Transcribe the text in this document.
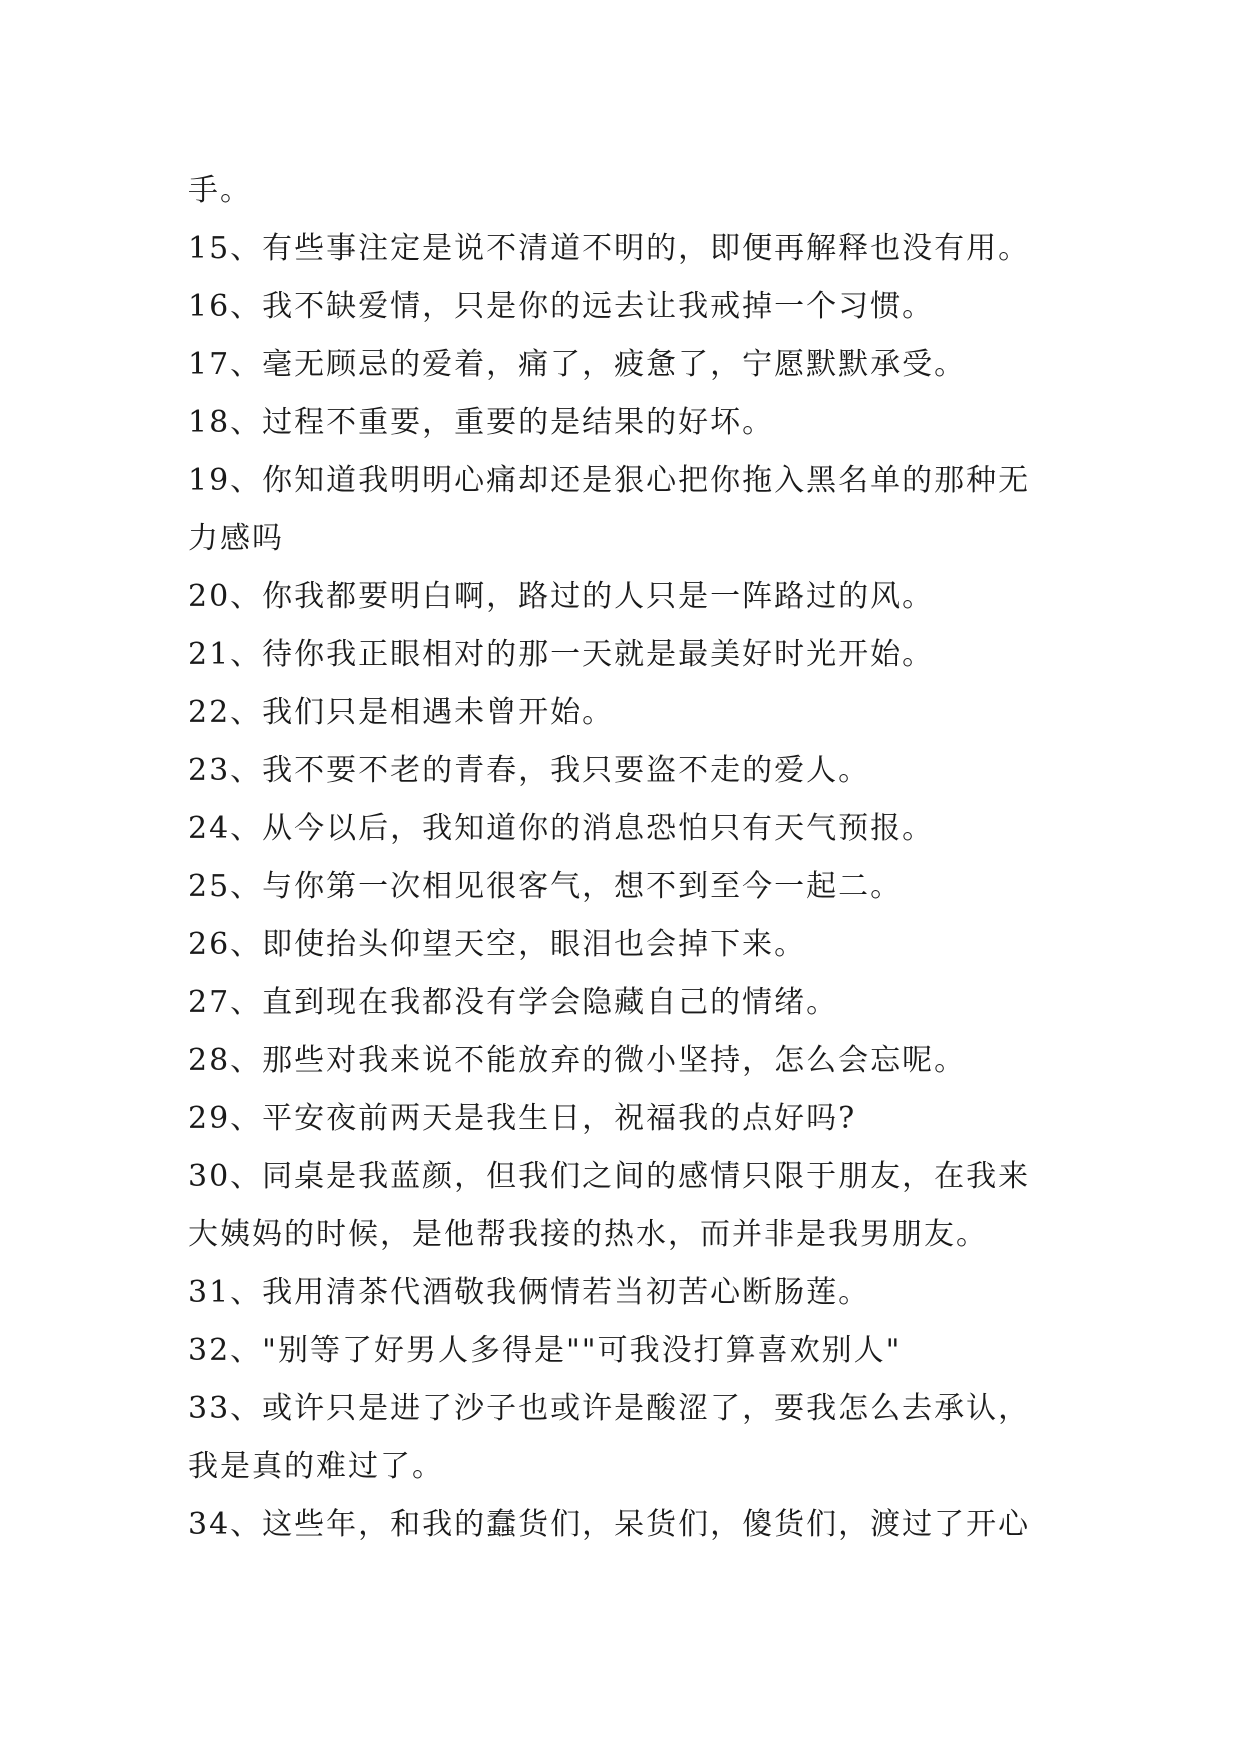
手。
15、有些事注定是说不清道不明的，即便再解释也没有用。
16、我不缺爱情，只是你的远去让我戒掉一个习惯。
17、毫无顾忌的爱着，痛了，疲惫了，宁愿默默承受。
18、过程不重要，重要的是结果的好坏。
19、你知道我明明心痛却还是狠心把你拖入黑名单的那种无
力感吗
20、你我都要明白啊，路过的人只是一阵路过的风。
21、待你我正眼相对的那一天就是最美好时光开始。
22、我们只是相遇未曾开始。
23、我不要不老的青春，我只要盗不走的爱人。
24、从今以后，我知道你的消息恐怕只有天气预报。
25、与你第一次相见很客气，想不到至今一起二。
26、即使抬头仰望天空，眼泪也会掉下来。
27、直到现在我都没有学会隐藏自己的情绪。
28、那些对我来说不能放弃的微小坚持，怎么会忘呢。
29、平安夜前两天是我生日，祝福我的点好吗?
30、同桌是我蓝颜，但我们之间的感情只限于朋友，在我来
大姨妈的时候，是他帮我接的热水，而并非是我男朋友。
31、我用清茶代酒敬我俩情若当初苦心断肠莲。
32、"别等了好男人多得是""可我没打算喜欢别人"
33、或许只是进了沙子也或许是酸涩了，要我怎么去承认，
我是真的难过了。
34、这些年，和我的蠢货们，呆货们，傻货们，渡过了开心
